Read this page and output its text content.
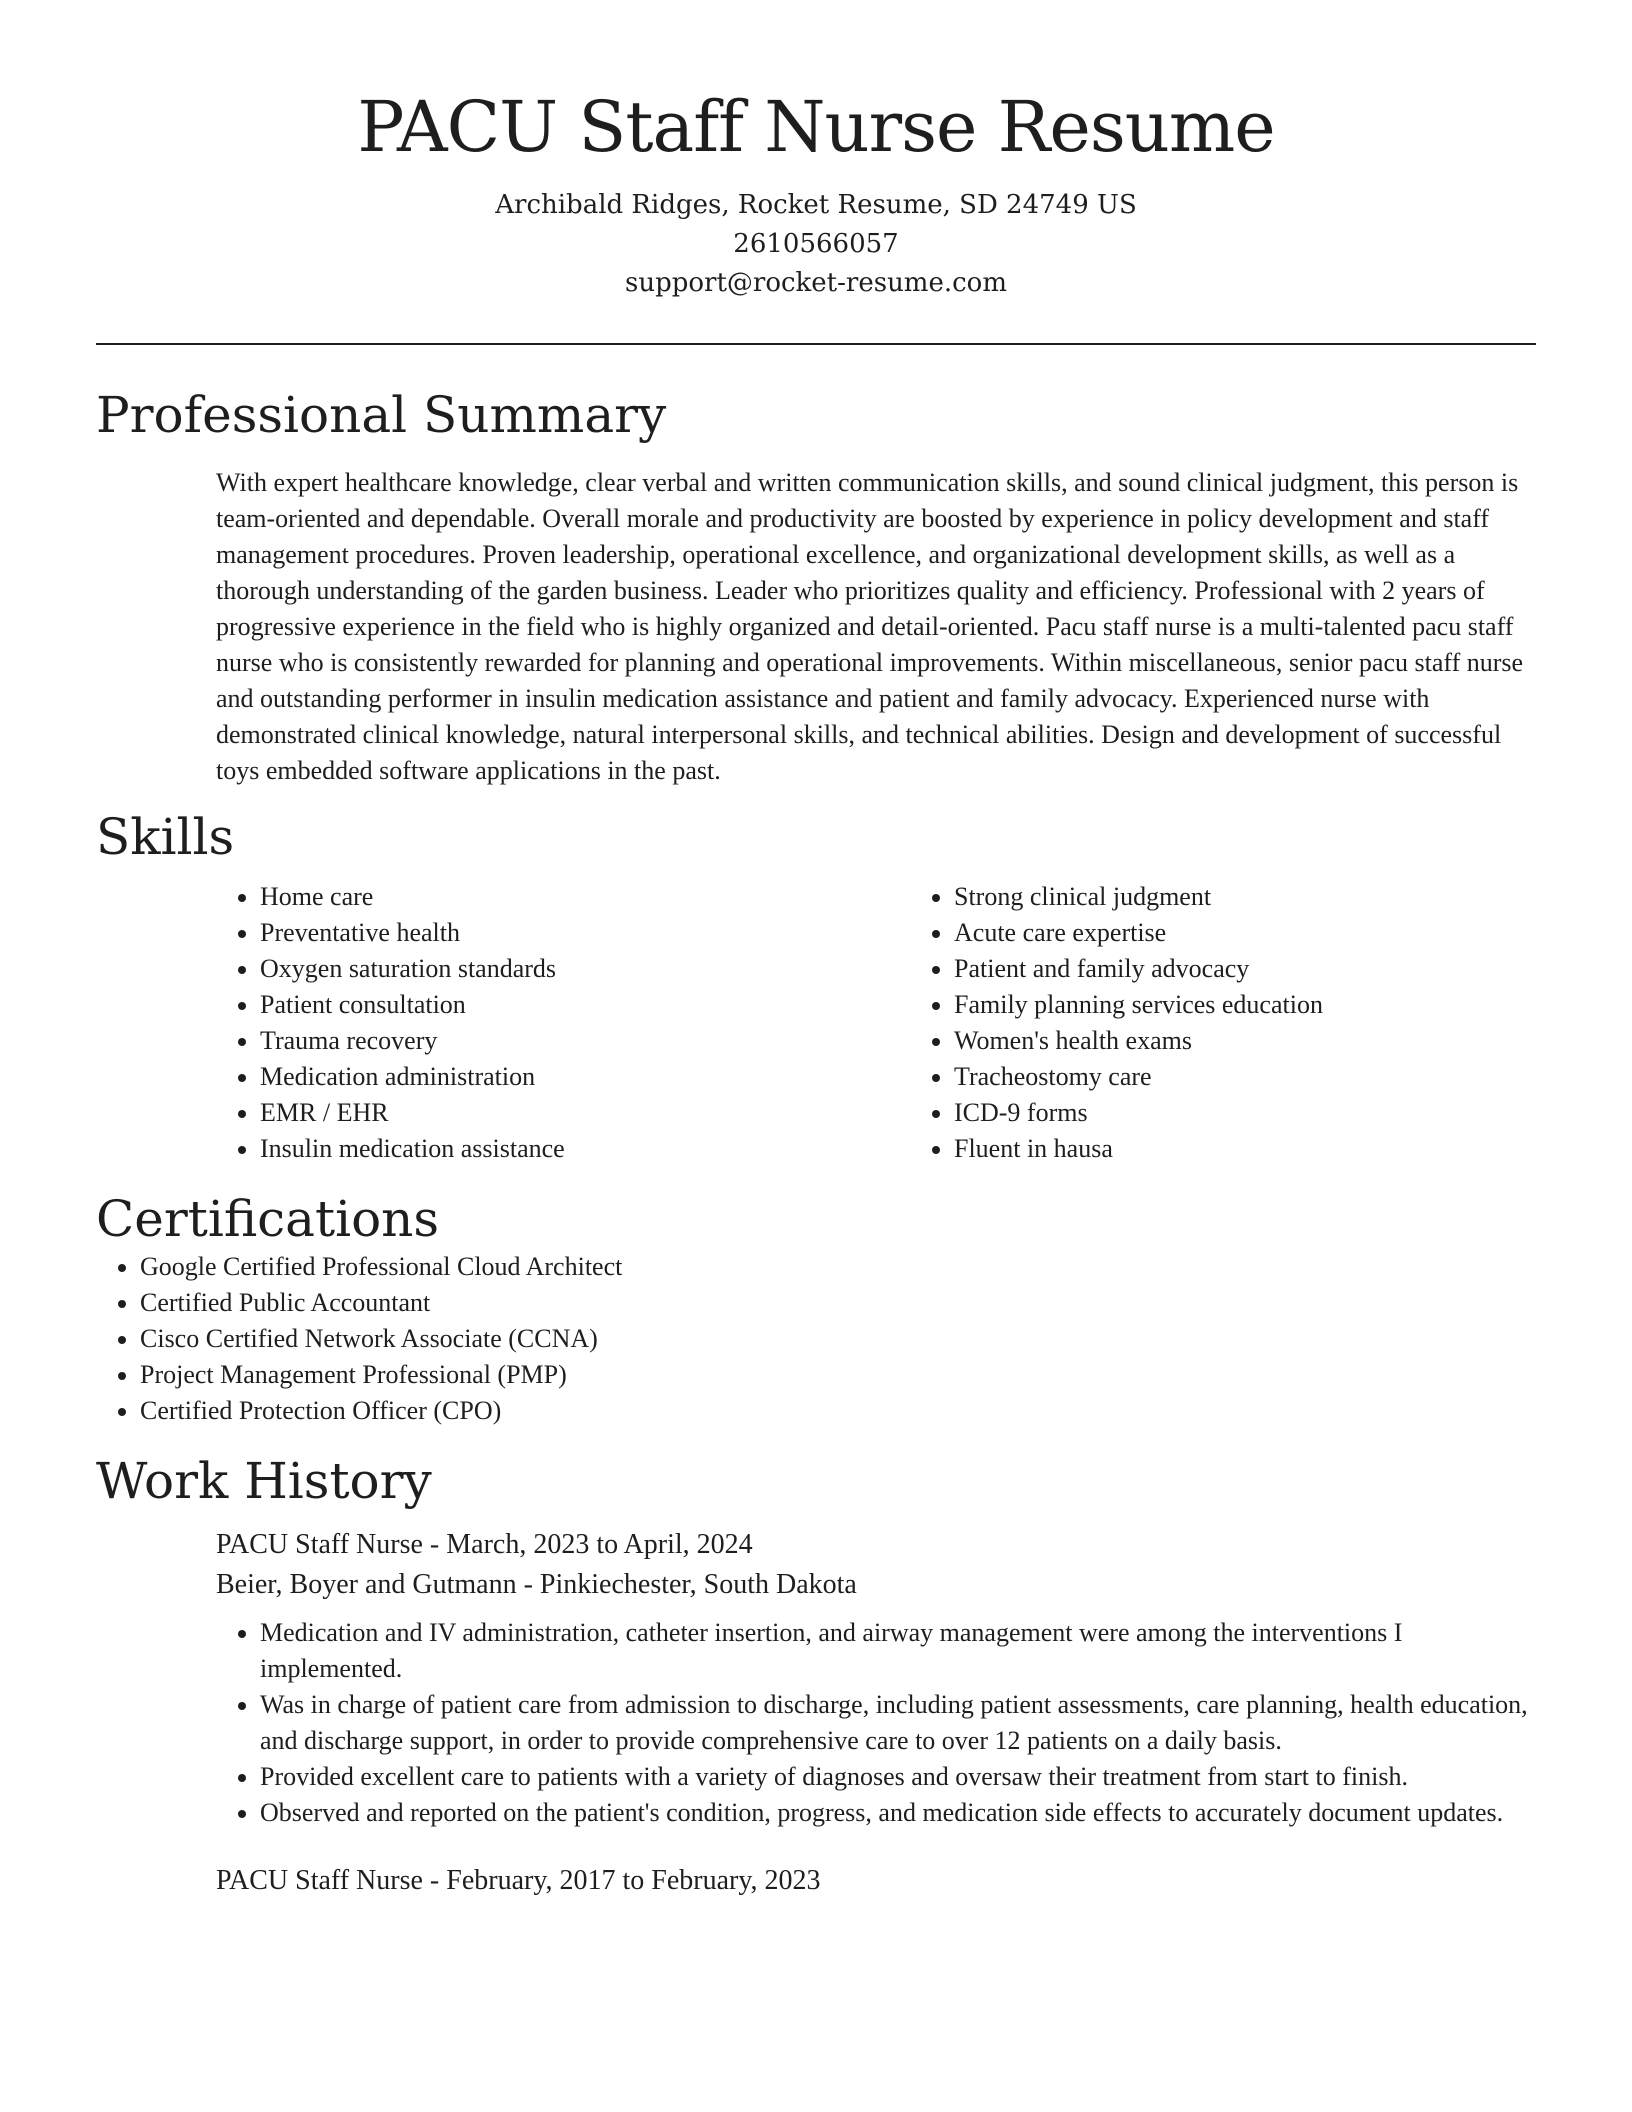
PACU Staff Nurse Resume
Archibald Ridges, Rocket Resume, SD 24749 US
2610566057
support@rocket-resume.com
Professional Summary

With expert healthcare knowledge, clear verbal and written communication skills, and sound clinical judgment, this person is team-oriented and dependable. Overall morale and productivity are boosted by experience in policy development and staff management procedures. Proven leadership, operational excellence, and organizational development skills, as well as a thorough understanding of the garden business. Leader who prioritizes quality and efficiency. Professional with 2 years of progressive experience in the field who is highly organized and detail-oriented. Pacu staff nurse is a multi-talented pacu staff nurse who is consistently rewarded for planning and operational improvements. Within miscellaneous, senior pacu staff nurse and outstanding performer in insulin medication assistance and patient and family advocacy. Experienced nurse with demonstrated clinical knowledge, natural interpersonal skills, and technical abilities. Design and development of successful toys embedded software applications in the past.

Skills
• Home care
• Preventative health
• Oxygen saturation standards
• Patient consultation
• Trauma recovery
• Medication administration
• EMR / EHR
• Insulin medication assistance
• Strong clinical judgment
• Acute care expertise
• Patient and family advocacy
• Family planning services education
• Women's health exams
• Tracheostomy care
• ICD-9 forms
• Fluent in hausa
Certifications
• Google Certified Professional Cloud Architect
• Certified Public Accountant
• Cisco Certified Network Associate (CCNA)
• Project Management Professional (PMP)
• Certified Protection Officer (CPO)
Work History
PACU Staff Nurse - March, 2023 to April, 2024
Beier, Boyer and Gutmann - Pinkiechester, South Dakota
• Medication and IV administration, catheter insertion, and airway management were among the interventions I implemented.
• Was in charge of patient care from admission to discharge, including patient assessments, care planning, health education, and discharge support, in order to provide comprehensive care to over 12 patients on a daily basis.
• Provided excellent care to patients with a variety of diagnoses and oversaw their treatment from start to finish.
• Observed and reported on the patient's condition, progress, and medication side effects to accurately document updates.
PACU Staff Nurse - February, 2017 to February, 2023
